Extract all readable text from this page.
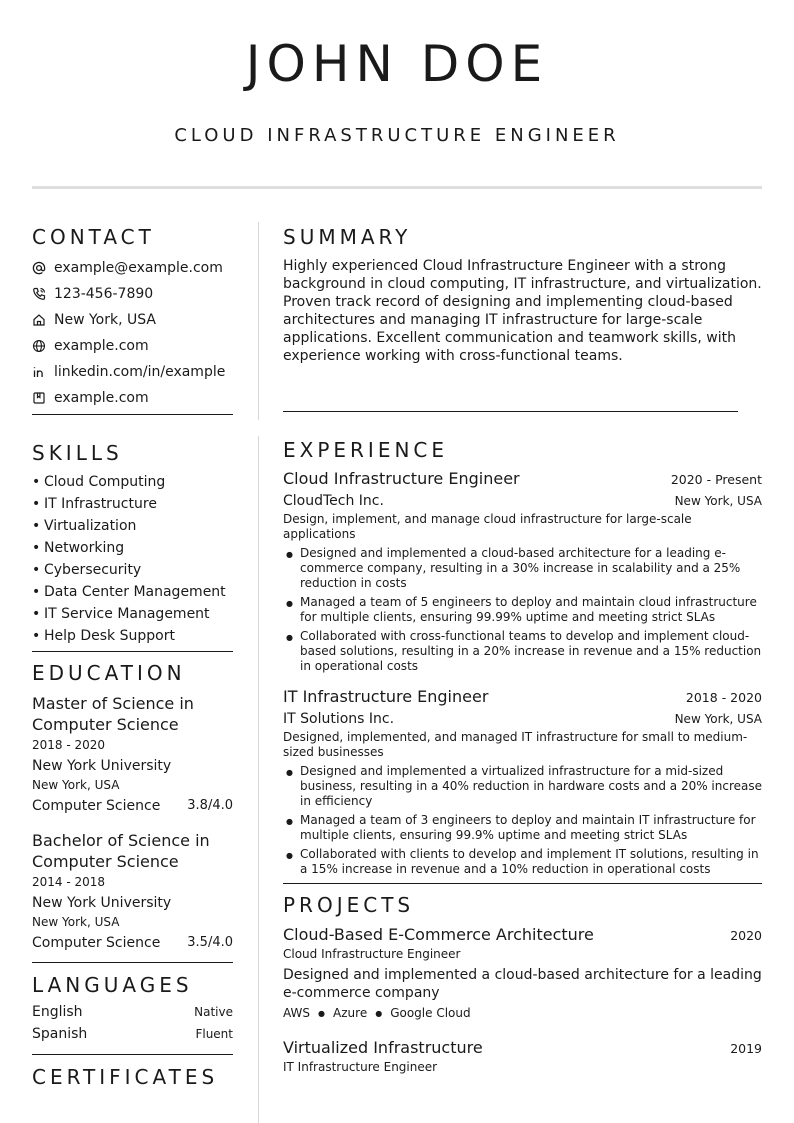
JOHN DOE
CLOUD INFRASTRUCTURE ENGINEER
CONTACT
example@example.com
123-456-7890
New York, USA
example.com
linkedin.com/in/example
example.com
SKILLS
• Cloud Computing
• IT Infrastructure
• Virtualization
• Networking
• Cybersecurity
• Data Center Management
• IT Service Management
• Help Desk Support
EDUCATION
Master of Science in Computer Science
2018 - 2020
New York University
New York, USA
Computer Science 3.8/4.0
Bachelor of Science in Computer Science
2014 - 2018
New York University
New York, USA
Computer Science 3.5/4.0
LANGUAGES
English	Native
Spanish	Fluent
CERTIFICATES
SUMMARY
Highly experienced Cloud Infrastructure Engineer with a strong background in cloud computing, IT infrastructure, and virtualization. Proven track record of designing and implementing cloud-based architectures and managing IT infrastructure for large-scale applications. Excellent communication and teamwork skills, with experience working with cross-functional teams.
EXPERIENCE
Cloud Infrastructure Engineer	2020 - Present
CloudTech Inc.	New York, USA
Design, implement, and manage cloud infrastructure for large-scale applications
● Designed and implemented a cloud-based architecture for a leading e-commerce company, resulting in a 30% increase in scalability and a 25% reduction in costs
● Managed a team of 5 engineers to deploy and maintain cloud infrastructure for multiple clients, ensuring 99.99% uptime and meeting strict SLAs
● Collaborated with cross-functional teams to develop and implement cloud-based solutions, resulting in a 20% increase in revenue and a 15% reduction in operational costs
IT Infrastructure Engineer	2018 - 2020
IT Solutions Inc.	New York, USA
Designed, implemented, and managed IT infrastructure for small to medium-sized businesses
● Designed and implemented a virtualized infrastructure for a mid-sized business, resulting in a 40% reduction in hardware costs and a 20% increase in efficiency
● Managed a team of 3 engineers to deploy and maintain IT infrastructure for multiple clients, ensuring 99.9% uptime and meeting strict SLAs
● Collaborated with clients to develop and implement IT solutions, resulting in a 15% increase in revenue and a 10% reduction in operational costs
PROJECTS
Cloud-Based E-Commerce Architecture	2020
Cloud Infrastructure Engineer
Designed and implemented a cloud-based architecture for a leading e-commerce company
AWS ● Azure ● Google Cloud
Virtualized Infrastructure	2019
IT Infrastructure Engineer
